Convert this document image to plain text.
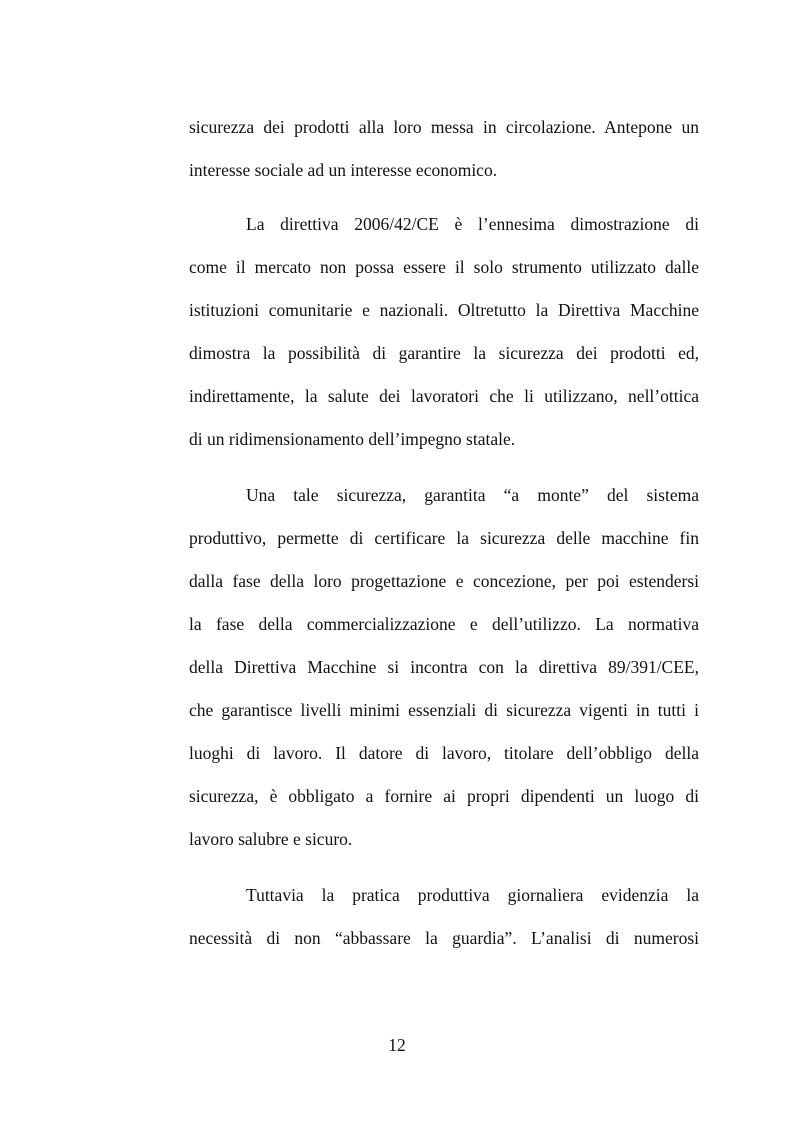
sicurezza dei prodotti alla loro messa in circolazione. Antepone un
interesse sociale ad un interesse economico.
La direttiva 2006/42/CE è l’ennesima dimostrazione di
come il mercato non possa essere il solo strumento utilizzato dalle
istituzioni comunitarie e nazionali. Oltretutto la Direttiva Macchine
dimostra la possibilità di garantire la sicurezza dei prodotti ed,
indirettamente, la salute dei lavoratori che li utilizzano, nell’ottica
di un ridimensionamento dell’impegno statale.
Una tale sicurezza, garantita “a monte” del sistema
produttivo, permette di certificare la sicurezza delle macchine fin
dalla fase della loro progettazione e concezione, per poi estendersi
la fase della commercializzazione e dell’utilizzo. La normativa
della Direttiva Macchine si incontra con la direttiva 89/391/CEE,
che garantisce livelli minimi essenziali di sicurezza vigenti in tutti i
luoghi di lavoro. Il datore di lavoro, titolare dell’obbligo della
sicurezza, è obbligato a fornire ai propri dipendenti un luogo di
lavoro salubre e sicuro.
Tuttavia la pratica produttiva giornaliera evidenzia la
necessità di non “abbassare la guardia”. L’analisi di numerosi
12
